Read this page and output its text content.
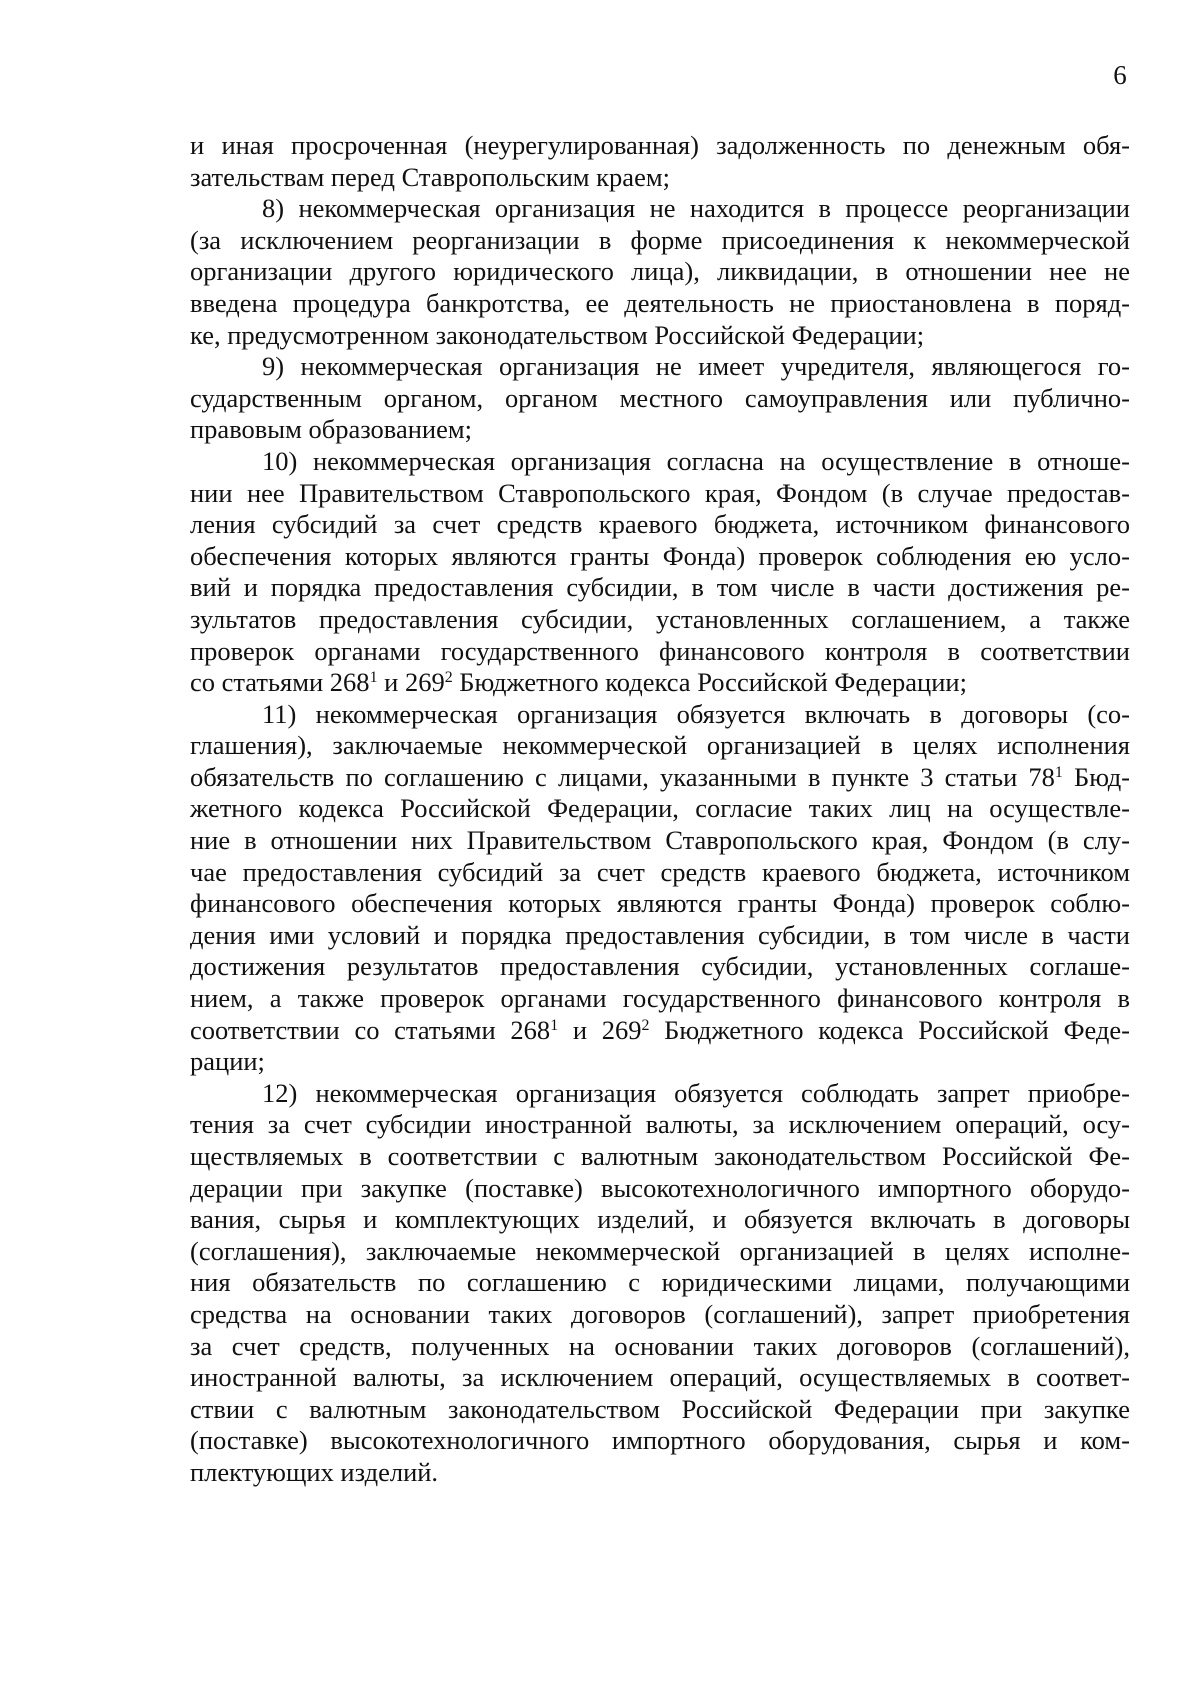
6
и иная просроченная (неурегулированная) задолженность по денежным обя-
зательствам перед Ставропольским краем;
8) некоммерческая организация не находится в процессе реорганизации
(за исключением реорганизации в форме присоединения к некоммерческой
организации другого юридического лица), ликвидации, в отношении нее не
введена процедура банкротства, ее деятельность не приостановлена в поряд-
ке, предусмотренном законодательством Российской Федерации;
9) некоммерческая организация не имеет учредителя, являющегося го-
сударственным органом, органом местного самоуправления или публично-
правовым образованием;
10) некоммерческая организация согласна на осуществление в отноше-
нии нее Правительством Ставропольского края, Фондом (в случае предостав-
ления субсидий за счет средств краевого бюджета, источником финансового
обеспечения которых являются гранты Фонда) проверок соблюдения ею усло-
вий и порядка предоставления субсидии, в том числе в части достижения ре-
зультатов предоставления субсидии, установленных соглашением, а также
проверок органами государственного финансового контроля в соответствии
со статьями $268^1$ и $269^2$ Бюджетного кодекса Российской Федерации;
11) некоммерческая организация обязуется включать в договоры (со-
глашения), заключаемые некоммерческой организацией в целях исполнения
обязательств по соглашению с лицами, указанными в пункте 3 статьи $78^1$ Бюд-
жетного кодекса Российской Федерации, согласие таких лиц на осуществле-
ние в отношении них Правительством Ставропольского края, Фондом (в слу-
чае предоставления субсидий за счет средств краевого бюджета, источником
финансового обеспечения которых являются гранты Фонда) проверок соблю-
дения ими условий и порядка предоставления субсидии, в том числе в части
достижения результатов предоставления субсидии, установленных соглаше-
нием, а также проверок органами государственного финансового контроля в
соответствии со статьями $268^1$ и $269^2$ Бюджетного кодекса Российской Феде-
рации;
12) некоммерческая организация обязуется соблюдать запрет приобре-
тения за счет субсидии иностранной валюты, за исключением операций, осу-
ществляемых в соответствии с валютным законодательством Российской Фе-
дерации при закупке (поставке) высокотехнологичного импортного оборудо-
вания, сырья и комплектующих изделий, и обязуется включать в договоры
(соглашения), заключаемые некоммерческой организацией в целях исполне-
ния обязательств по соглашению с юридическими лицами, получающими
средства на основании таких договоров (соглашений), запрет приобретения
за счет средств, полученных на основании таких договоров (соглашений),
иностранной валюты, за исключением операций, осуществляемых в соответ-
ствии с валютным законодательством Российской Федерации при закупке
(поставке) высокотехнологичного импортного оборудования, сырья и ком-
плектующих изделий.
